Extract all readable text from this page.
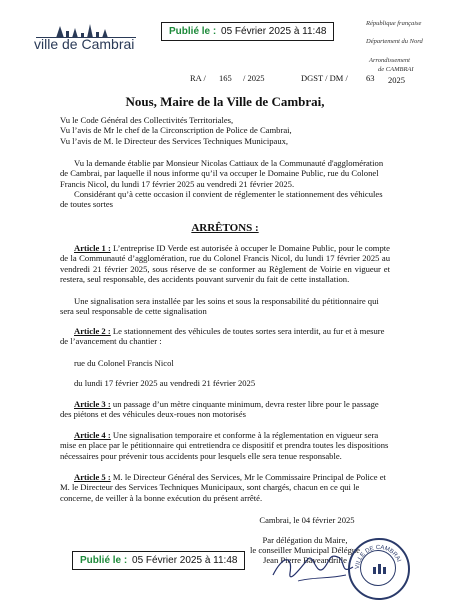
Publié le : 05 Février 2025 à 11:48
ville de Cambrai
République française
Département du Nord
Arrondissement
de CAMBRAI
RA / 165 / 2025	DGST / DM / 63 2025
Nous, Maire de la Ville de Cambrai,
Vu le Code Général des Collectivités Territoriales,
Vu l’avis de Mr le chef de la Circonscription de Police de Cambrai,
Vu l’avis de M. le Directeur des Services Techniques Municipaux,
Vu la demande établie par Monsieur Nicolas Cattiaux de la Communauté d'agglomération de Cambrai, par laquelle il nous informe qu’il va occuper le Domaine Public, rue du Colonel Francis Nicol, du lundi 17 février 2025 au vendredi 21 février 2025.
Considérant qu’à cette occasion il convient de réglementer le stationnement des véhicules de toutes sortes
ARRÊTONS :
Article 1 : L’entreprise ID Verde est autorisée à occuper le Domaine Public, pour le compte de la Communauté d’agglomération, rue du Colonel Francis Nicol, du lundi 17 février 2025 au vendredi 21 février 2025, sous réserve de se conformer au Règlement de Voirie en vigueur et restera, seul responsable, des accidents pouvant survenir du fait de cette installation.
Une signalisation sera installée par les soins et sous la responsabilité du pétitionnaire qui sera seul responsable de cette signalisation
Article 2 : Le stationnement des véhicules de toutes sortes sera interdit, au fur et à mesure de l’avancement du chantier :
rue du Colonel Francis Nicol
du lundi 17 février 2025 au vendredi 21 février 2025
Article 3 : un passage d’un mètre cinquante minimum, devra rester libre pour le passage des piétons et des véhicules deux-roues non motorisés
Article 4 : Une signalisation temporaire et conforme à la réglementation en vigueur sera mise en place par le pétitionnaire qui entretiendra ce dispositif et prendra toutes les dispositions nécessaires pour prévenir tous accidents pour lesquels elle sera tenue responsable.
Article 5 : M. le Directeur Général des Services, Mr le Commissaire Principal de Police et M. le Directeur des Services Techniques Municipaux, sont chargés, chacun en ce qui le concerne, de veiller à la bonne exécution du présent arrêté.
Cambrai, le 04 février 2025
Par délégation du Maire,
le conseiller Municipal Délégué
Jean Pierre Baveandrille
VILLE DE CAMBRAI
Publié le : 05 Février 2025 à 11:48
